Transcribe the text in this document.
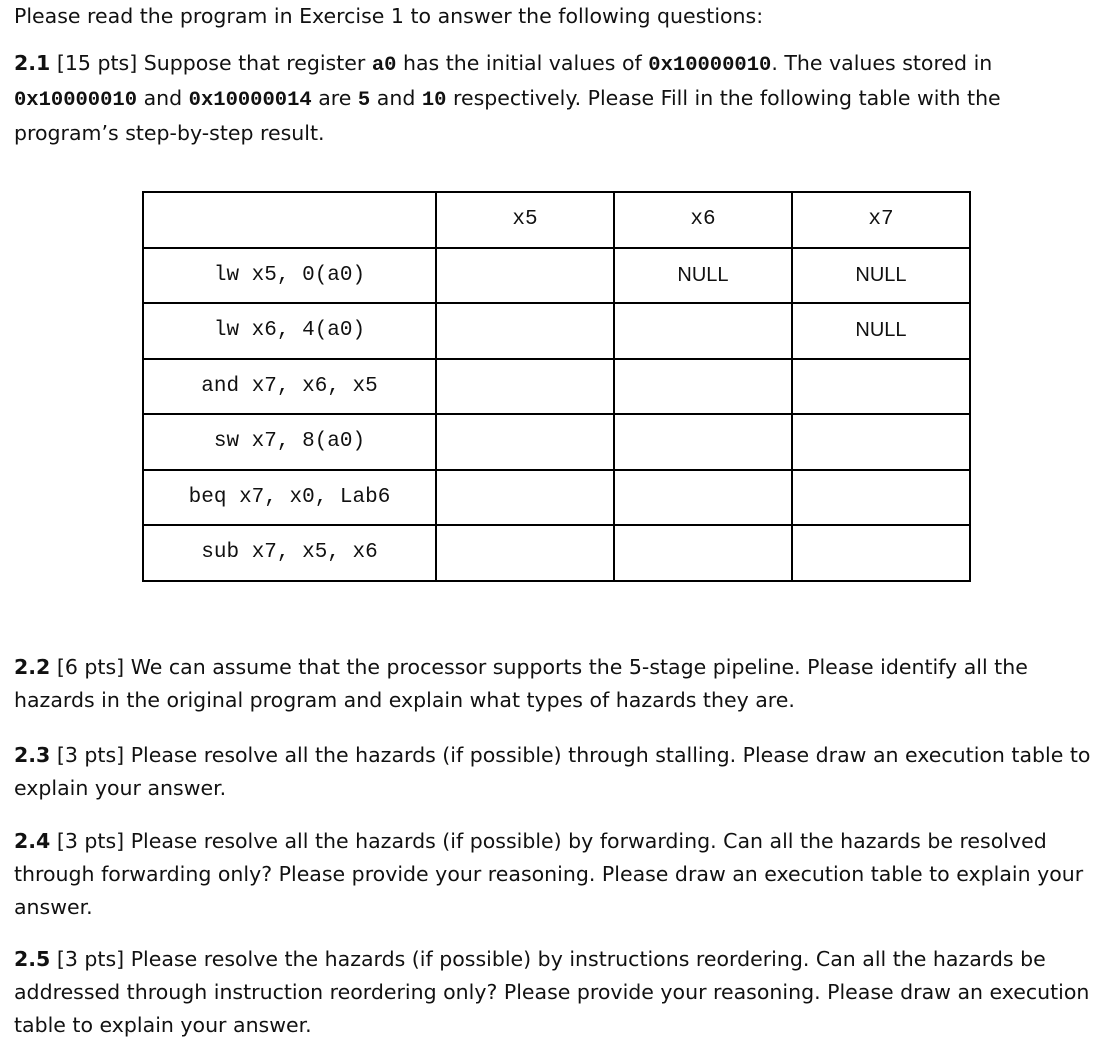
Please read the program in Exercise 1 to answer the following questions:

2.1 [15 pts] Suppose that register a0 has the initial values of 0x10000010. The values stored in 0x10000010 and 0x10000014 are 5 and 10 respectively. Please Fill in the following table with the program’s step-by-step result.

	x5	x6	x7
lw x5, 0(a0)		NULL	NULL
lw x6, 4(a0)			NULL
and x7, x6, x5			
sw x7, 8(a0)			
beq x7, x0, Lab6			
sub x7, x5, x6			

2.2 [6 pts] We can assume that the processor supports the 5-stage pipeline. Please identify all the hazards in the original program and explain what types of hazards they are.

2.3 [3 pts] Please resolve all the hazards (if possible) through stalling. Please draw an execution table to explain your answer.

2.4 [3 pts] Please resolve all the hazards (if possible) by forwarding. Can all the hazards be resolved through forwarding only? Please provide your reasoning. Please draw an execution table to explain your answer.

2.5 [3 pts] Please resolve the hazards (if possible) by instructions reordering. Can all the hazards be addressed through instruction reordering only? Please provide your reasoning. Please draw an execution table to explain your answer.
